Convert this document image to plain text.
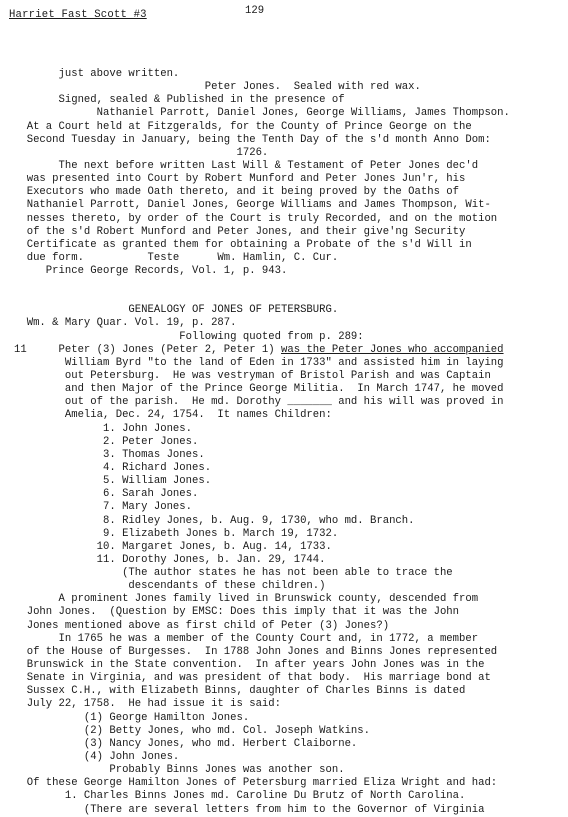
Harriet Fast Scott #3	129
just above written.
Peter Jones.  Sealed with red wax.
Signed, sealed & Published in the presence of
Nathaniel Parrott, Daniel Jones, George Williams, James Thompson.
At a Court held at Fitzgeralds, for the County of Prince George on the
Second Tuesday in January, being the Tenth Day of the s'd month Anno Dom:
1726.
The next before written Last Will & Testament of Peter Jones dec'd
was presented into Court by Robert Munford and Peter Jones Jun'r, his
Executors who made Oath thereto, and it being proved by the Oaths of
Nathaniel Parrott, Daniel Jones, George Williams and James Thompson, Wit-
nesses thereto, by order of the Court is truly Recorded, and on the motion
of the s'd Robert Munford and Peter Jones, and their give'ng Security
Certificate as granted them for obtaining a Probate of the s'd Will in
due form.          Teste      Wm. Hamlin, C. Cur.
Prince George Records, Vol. 1, p. 943.
GENEALOGY OF JONES OF PETERSBURG.
Wm. & Mary Quar. Vol. 19, p. 287.
Following quoted from p. 289:
11     Peter (3) Jones (Peter 2, Peter 1) was the Peter Jones who accompanied
William Byrd "to the land of Eden in 1733" and assisted him in laying
out Petersburg.  He was vestryman of Bristol Parish and was Captain
and then Major of the Prince George Militia.  In March 1747, he moved
out of the parish.  He md. Dorothy _______ and his will was proved in
Amelia, Dec. 24, 1754.  It names Children:
1. John Jones.
2. Peter Jones.
3. Thomas Jones.
4. Richard Jones.
5. William Jones.
6. Sarah Jones.
7. Mary Jones.
8. Ridley Jones, b. Aug. 9, 1730, who md. Branch.
9. Elizabeth Jones b. March 19, 1732.
10. Margaret Jones, b. Aug. 14, 1733.
11. Dorothy Jones, b. Jan. 29, 1744.
(The author states he has not been able to trace the
descendants of these children.)
A prominent Jones family lived in Brunswick county, descended from
John Jones.  (Question by EMSC: Does this imply that it was the John
Jones mentioned above as first child of Peter (3) Jones?)
In 1765 he was a member of the County Court and, in 1772, a member
of the House of Burgesses.  In 1788 John Jones and Binns Jones represented
Brunswick in the State convention.  In after years John Jones was in the
Senate in Virginia, and was president of that body.  His marriage bond at
Sussex C.H., with Elizabeth Binns, daughter of Charles Binns is dated
July 22, 1758.  He had issue it is said:
(1) George Hamilton Jones.
(2) Betty Jones, who md. Col. Joseph Watkins.
(3) Nancy Jones, who md. Herbert Claiborne.
(4) John Jones.
Probably Binns Jones was another son.
Of these George Hamilton Jones of Petersburg married Eliza Wright and had:
1. Charles Binns Jones md. Caroline Du Brutz of North Carolina.
(There are several letters from him to the Governor of Virginia
